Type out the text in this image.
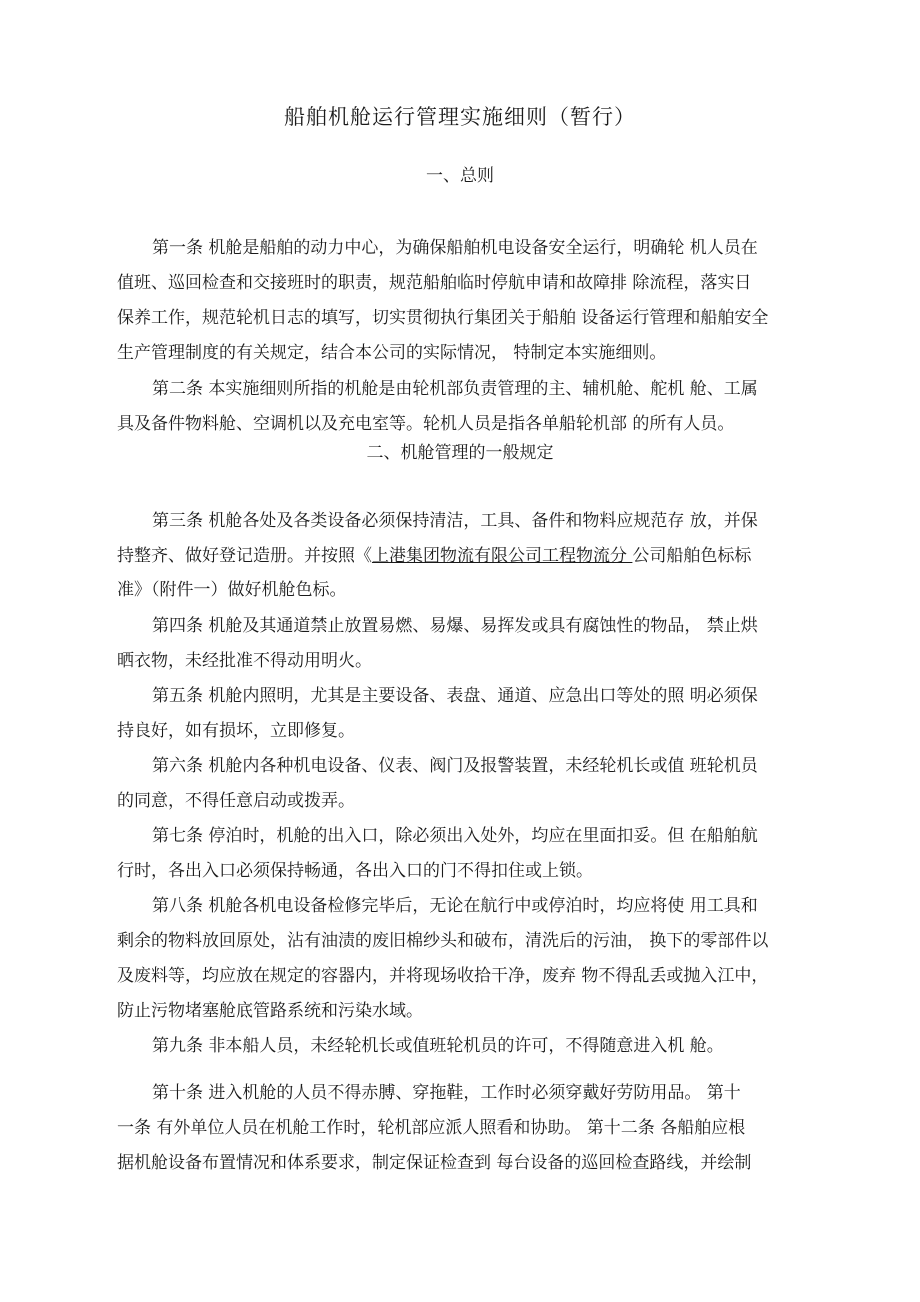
船舶机舱运行管理实施细则（暂行）
一、总则
第一条 机舱是船舶的动力中心，为确保船舶机电设备安全运行，明确轮 机人员在
值班、巡回检查和交接班时的职责，规范船舶临时停航申请和故障排 除流程，落实日
保养工作，规范轮机日志的填写，切实贯彻执行集团关于船舶 设备运行管理和船舶安全
生产管理制度的有关规定，结合本公司的实际情况， 特制定本实施细则。
第二条 本实施细则所指的机舱是由轮机部负责管理的主、辅机舱、舵机 舱、工属
具及备件物料舱、空调机以及充电室等。轮机人员是指各单船轮机部 的所有人员。
二、机舱管理的一般规定
第三条 机舱各处及各类设备必须保持清洁，工具、备件和物料应规范存 放，并保
持整齐、做好登记造册。并按照《上港集团物流有限公司工程物流分 公司船舶色标标
准》（附件一）做好机舱色标。
第四条 机舱及其通道禁止放置易燃、易爆、易挥发或具有腐蚀性的物品， 禁止烘
晒衣物，未经批准不得动用明火。
第五条 机舱内照明，尤其是主要设备、表盘、通道、应急出口等处的照 明必须保
持良好，如有损坏，立即修复。
第六条 机舱内各种机电设备、仪表、阀门及报警装置，未经轮机长或值 班轮机员
的同意，不得任意启动或拨弄。
第七条 停泊时，机舱的出入口，除必须出入处外，均应在里面扣妥。但 在船舶航
行时，各出入口必须保持畅通，各出入口的门不得扣住或上锁。
第八条 机舱各机电设备检修完毕后，无论在航行中或停泊时，均应将使 用工具和
剩余的物料放回原处，沾有油渍的废旧棉纱头和破布，清洗后的污油， 换下的零部件以
及废料等，均应放在规定的容器内，并将现场收拾干净，废弃 物不得乱丢或抛入江中，
防止污物堵塞舱底管路系统和污染水域。
第九条 非本船人员，未经轮机长或值班轮机员的许可，不得随意进入机 舱。
第十条 进入机舱的人员不得赤膊、穿拖鞋，工作时必须穿戴好劳防用品。 第十
一条 有外单位人员在机舱工作时，轮机部应派人照看和协助。 第十二条 各船舶应根
据机舱设备布置情况和体系要求，制定保证检查到 每台设备的巡回检查路线，并绘制
